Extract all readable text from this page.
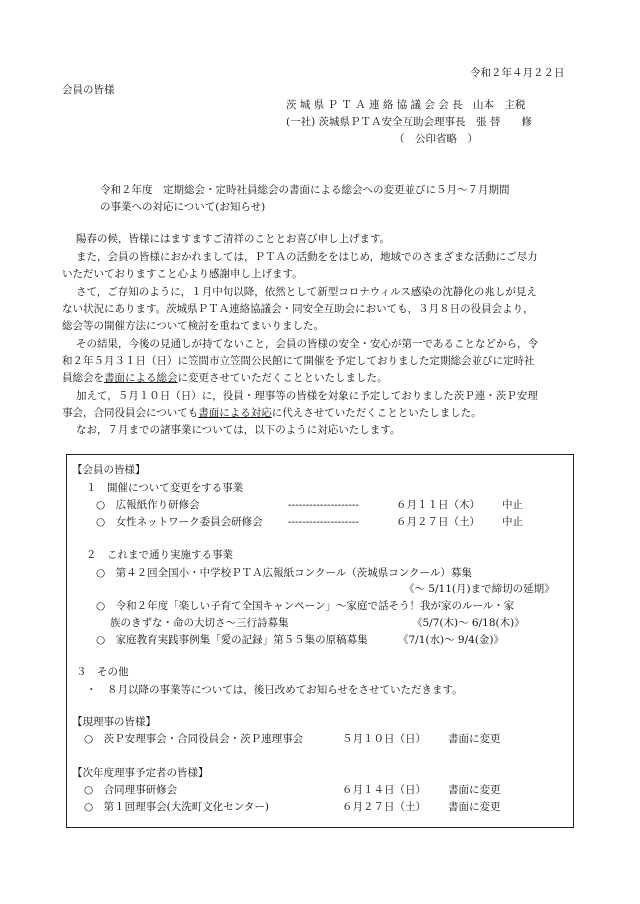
令和２年４月２２日
会員の皆様
茨 城 県 Ｐ Ｔ Ａ 連 絡 協 議 会 会 長　山本　主税
(一社) 茨城県ＰＴＡ安全互助会理事長　張 替　　修
（　公印省略　）
令和２年度　定期総会・定時社員総会の書面による総会への変更並びに５月～７月期間
の事業への対応について(お知らせ)
陽春の候，皆様にはますますご清祥のこととお喜び申し上げます。
また，会員の皆様におかれましては，ＰＴＡの活動ををはじめ，地域でのさまざまな活動にご尽力
いただいておりますこと心より感謝申し上げます。
さて，ご存知のように，１月中旬以降，依然として新型コロナウィルス感染の沈静化の兆しが見え
ない状況にあります。茨城県ＰＴＡ連絡協議会・同安全互助会においても，３月８日の役員会より，
総会等の開催方法について検討を重ねてまいりました。
その結果，今後の見通しが持てないこと，会員の皆様の安全・安心が第一であることなどから，令
和２年５月３１日（日）に笠間市立笠間公民館にて開催を予定しておりました定期総会並びに定時社
員総会を書面による総会に変更させていただくことといたしました。
加えて，５月１０日（日）に，役員・理事等の皆様を対象に予定しておりました茨Ｐ連・茨Ｐ安理
事会，合同役員会についても書面による対応に代えさせていただくことといたしました。
なお，７月までの諸事業については，以下のように対応いたします。
【会員の皆様】
１　開催について変更をする事業
○　広報紙作り研修会	--------------------	６月１１日（木） 中止
○　女性ネットワーク委員会研修会 --------------------	６月２７日（土） 中止
２　これまで通り実施する事業
○　第４２回全国小・中学校ＰＴＡ広報紙コンクール（茨城県コンクール）募集
《～ 5/11(月)まで締切の延期》
○　令和２年度「楽しい子育て全国キャンペーン」～家庭で話そう！我が家のルール・家
族のきずな・命の大切さ～三行詩募集	《5/7(木)～ 6/18(木)》
○　家庭教育実践事例集「愛の記録」第５５集の原稿募集	《7/1(水)～ 9/4(金)》
３　その他
・　８月以降の事業等については，後日改めてお知らせをさせていただきます。
【現理事の皆様】
○　茨Ｐ安理事会・合同役員会・茨Ｐ連理事会	５月１０日（日） 書面に変更
【次年度理事予定者の皆様】
○　合同理事研修会	６月１４日（日） 書面に変更
○　第１回理事会(大洗町文化センター)	６月２７日（土） 書面に変更
